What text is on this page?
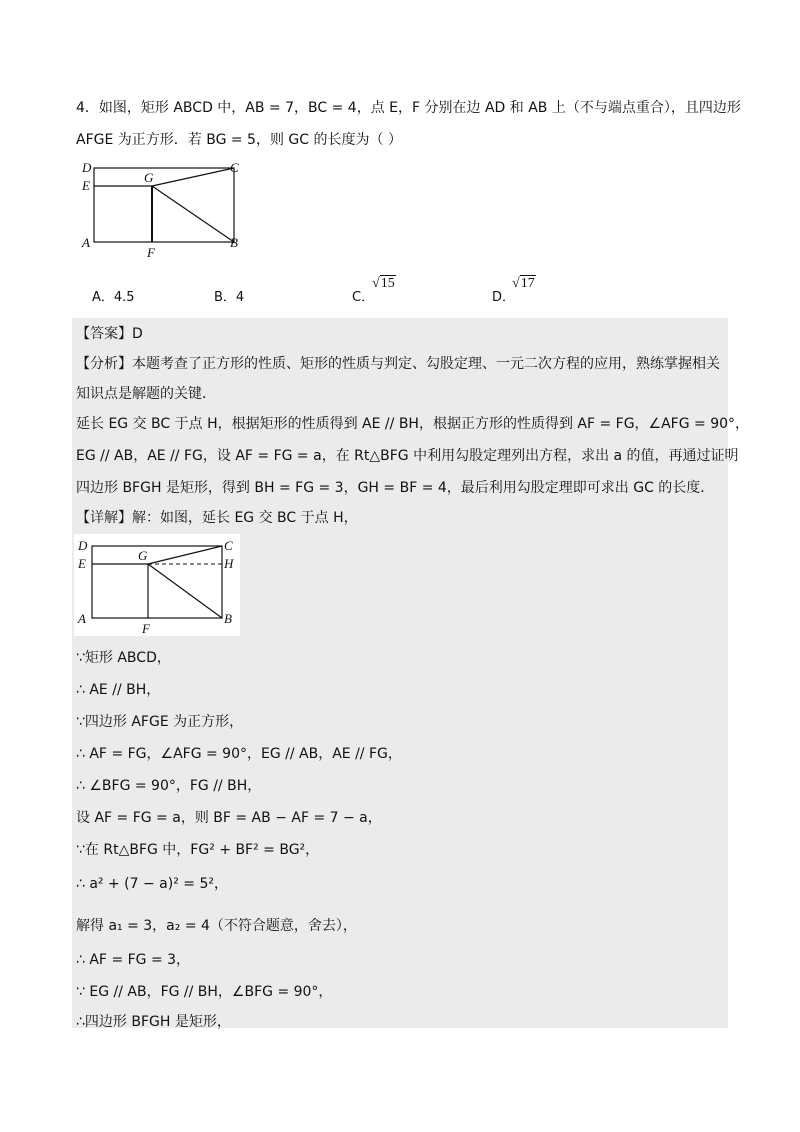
4．如图，矩形 ABCD 中，AB = 7，BC = 4，点 E，F 分别在边 AD 和 AB 上（不与端点重合），且四边形
AFGE 为正方形．若 BG = 5，则 GC 的长度为（ ）
D	C
E
G
A	B
F
A．4.5	B．4	C．
√15
D．
√17
【答案】D
【分析】本题考查了正方形的性质、矩形的性质与判定、勾股定理、一元二次方程的应用，熟练掌握相关
知识点是解题的关键．
延长 EG 交 BC 于点 H，根据矩形的性质得到 AE // BH，根据正方形的性质得到 AF = FG，∠AFG = 90°，
EG // AB，AE // FG，设 AF = FG = a，在 Rt△BFG 中利用勾股定理列出方程，求出 a 的值，再通过证明
四边形 BFGH 是矩形，得到 BH = FG = 3，GH = BF = 4，最后利用勾股定理即可求出 GC 的长度．
【详解】解：如图，延长 EG 交 BC 于点 H，
D	C
E
G
H
A	B
F
∵矩形 ABCD，
∴ AE // BH，
∵四边形 AFGE 为正方形，
∴ AF = FG，∠AFG = 90°，EG // AB，AE // FG，
∴ ∠BFG = 90°，FG // BH，
设 AF = FG = a，则 BF = AB − AF = 7 − a，
∵在 Rt△BFG 中，FG² + BF² = BG²，
∴ a² + (7 − a)² = 5²，
解得 a₁ = 3，a₂ = 4（不符合题意，舍去），
∴ AF = FG = 3，
∵ EG // AB，FG // BH，∠BFG = 90°，
∴四边形 BFGH 是矩形，
